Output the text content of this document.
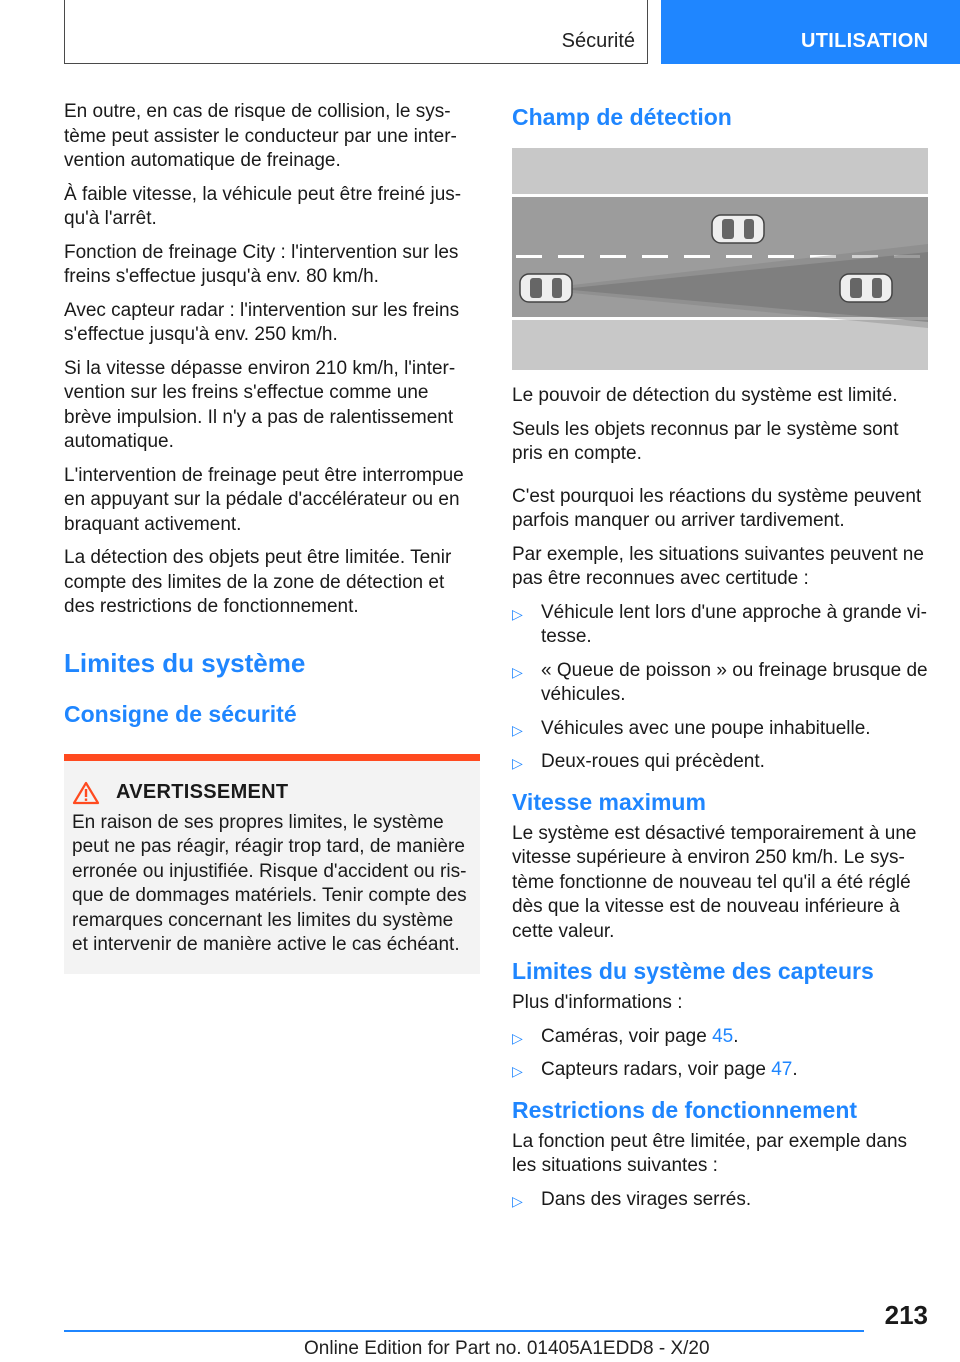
Sécurité	UTILISATION

En outre, en cas de risque de collision, le sys-tème peut assister le conducteur par une inter-vention automatique de freinage.

À faible vitesse, la véhicule peut être freiné jus-qu'à l'arrêt.

Fonction de freinage City : l'intervention sur les freins s'effectue jusqu'à env. 80 km/h.

Avec capteur radar : l'intervention sur les freins s'effectue jusqu'à env. 250 km/h.

Si la vitesse dépasse environ 210 km/h, l'inter-vention sur les freins s'effectue comme une brève impulsion. Il n'y a pas de ralentissement automatique.

L'intervention de freinage peut être interrompue en appuyant sur la pédale d'accélérateur ou en braquant activement.

La détection des objets peut être limitée. Tenir compte des limites de la zone de détection et des restrictions de fonctionnement.

Limites du système
Consigne de sécurité
AVERTISSEMENT

En raison de ses propres limites, le système peut ne pas réagir, réagir trop tard, de manière erronée ou injustifiée. Risque d'accident ou ris-que de dommages matériels. Tenir compte des remarques concernant les limites du système et intervenir de manière active le cas échéant.

Champ de détection

Le pouvoir de détection du système est limité.

Seuls les objets reconnus par le système sont pris en compte.

C'est pourquoi les réactions du système peuvent parfois manquer ou arriver tardivement.

Par exemple, les situations suivantes peuvent ne pas être reconnues avec certitude :

▷ Véhicule lent lors d'une approche à grande vi-tesse.
▷ « Queue de poisson » ou freinage brusque de véhicules.
▷ Véhicules avec une poupe inhabituelle.
▷ Deux-roues qui précèdent.
Vitesse maximum

Le système est désactivé temporairement à une vitesse supérieure à environ 250 km/h. Le sys-tème fonctionne de nouveau tel qu'il a été réglé dès que la vitesse est de nouveau inférieure à cette valeur.

Limites du système des capteurs

Plus d'informations :

▷ Caméras, voir page 45.
▷ Capteurs radars, voir page 47.
Restrictions de fonctionnement

La fonction peut être limitée, par exemple dans les situations suivantes :

▷ Dans des virages serrés.
213
Online Edition for Part no. 01405A1EDD8 - X/20
